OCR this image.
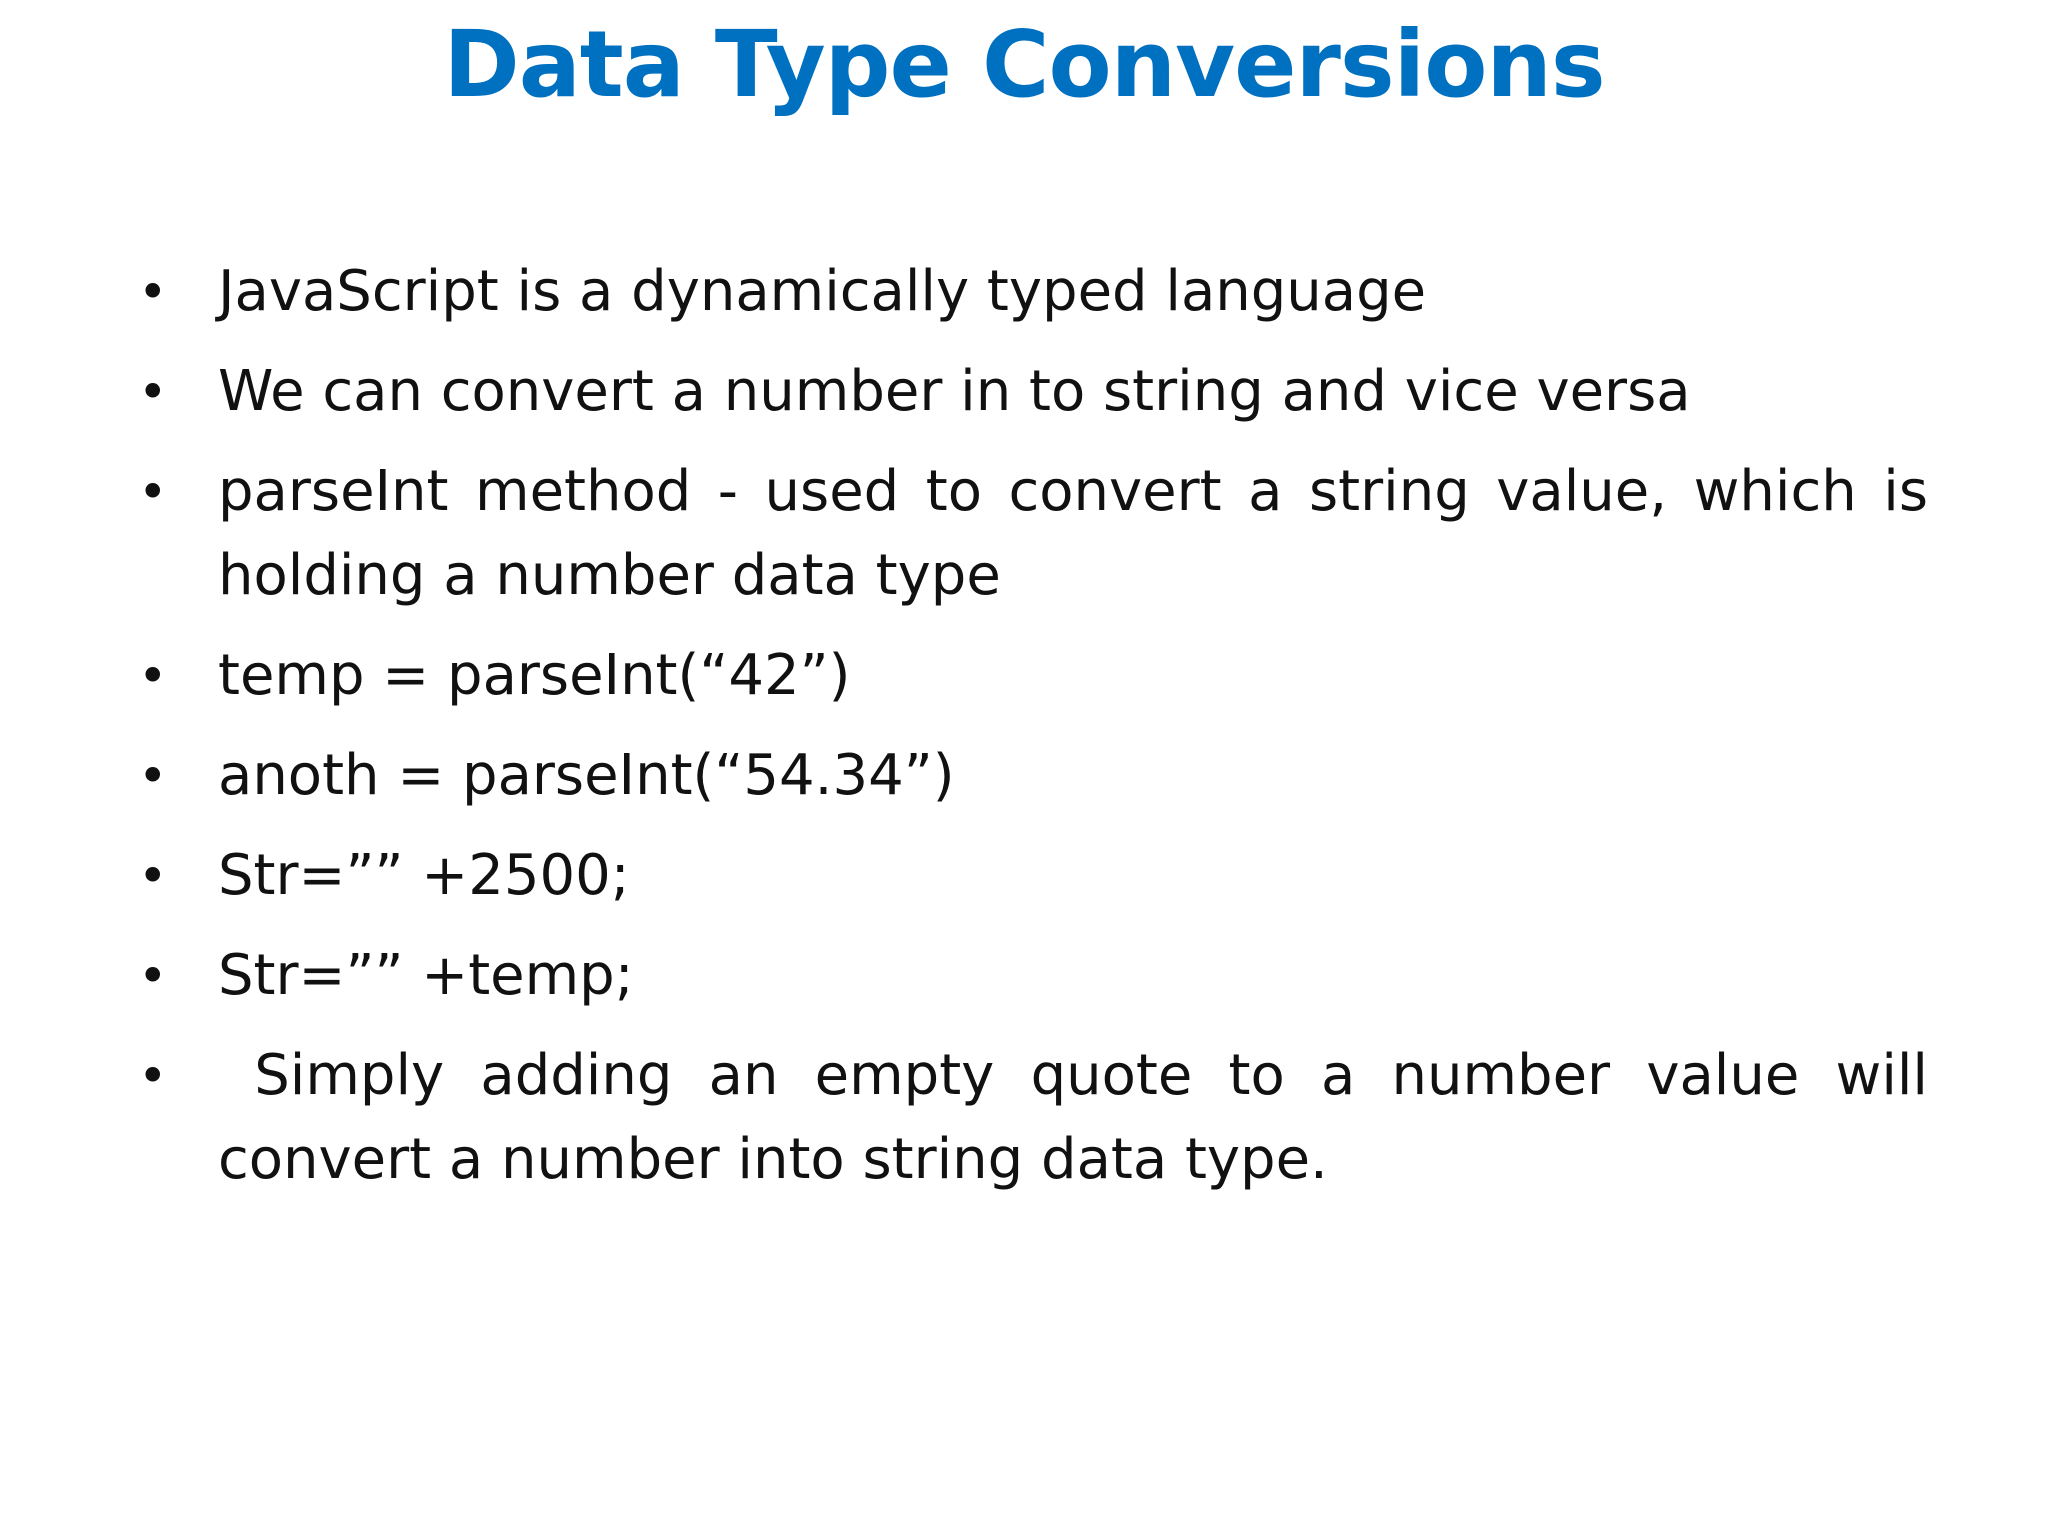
Data Type Conversions
• JavaScript is a dynamically typed language
• We can convert a number in to string and vice versa
• parseInt method - used to convert a string value, which is holding a number data type
• temp = parseInt(“42”)
• anoth = parseInt(“54.34”)
• Str=”” +2500;
• Str=”” +temp;
• Simply adding an empty quote to a number value will convert a number into string data type.
